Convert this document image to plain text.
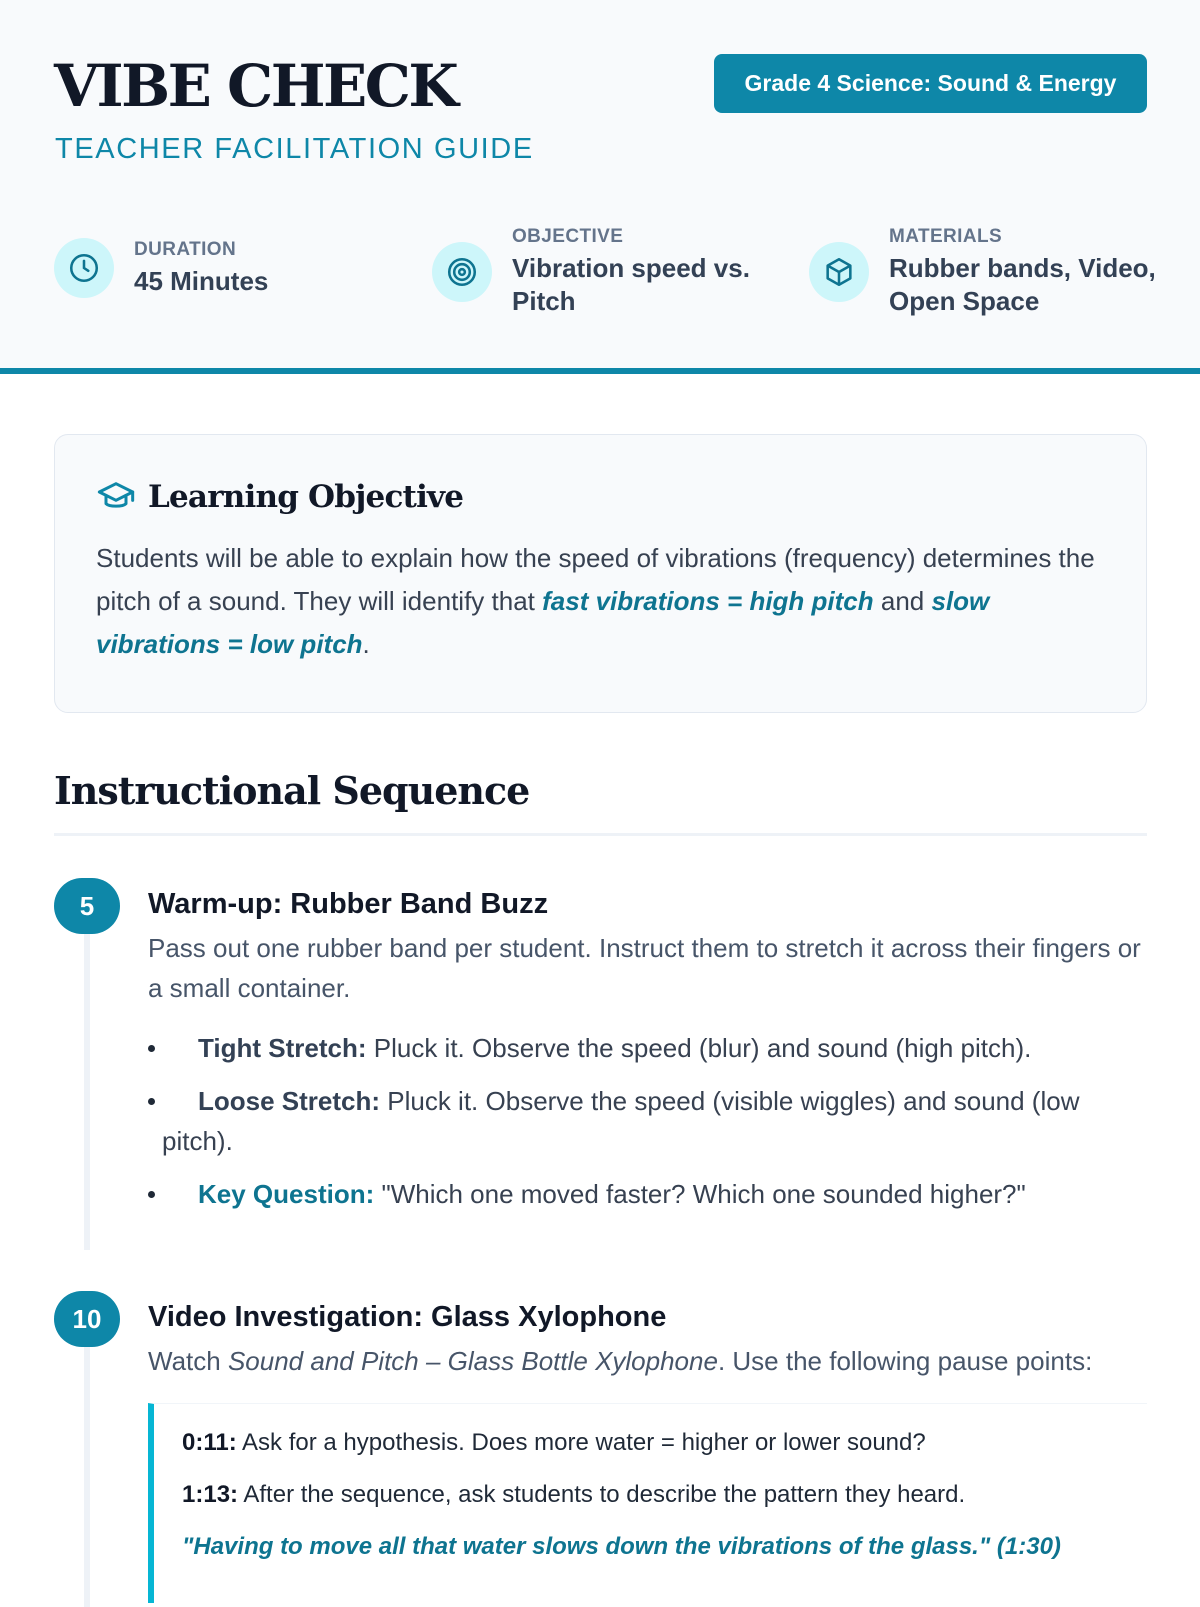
VIBE CHECK
TEACHER FACILITATION GUIDE
Grade 4 Science: Sound & Energy
DURATION
45 Minutes
OBJECTIVE
Vibration speed vs. Pitch
MATERIALS
Rubber bands, Video, Open Space
Learning Objective
Students will be able to explain how the speed of vibrations (frequency) determines the pitch of a sound. They will identify that fast vibrations = high pitch and slow vibrations = low pitch.
Instructional Sequence
5	Warm-up: Rubber Band Buzz
Pass out one rubber band per student. Instruct them to stretch it across their fingers or a small container.
Tight Stretch: Pluck it. Observe the speed (blur) and sound (high pitch).
Loose Stretch: Pluck it. Observe the speed (visible wiggles) and sound (low pitch).
Key Question: "Which one moved faster? Which one sounded higher?"
10	Video Investigation: Glass Xylophone
Watch Sound and Pitch – Glass Bottle Xylophone. Use the following pause points:
0:11: Ask for a hypothesis. Does more water = higher or lower sound?
1:13: After the sequence, ask students to describe the pattern they heard.
"Having to move all that water slows down the vibrations of the glass." (1:30)
